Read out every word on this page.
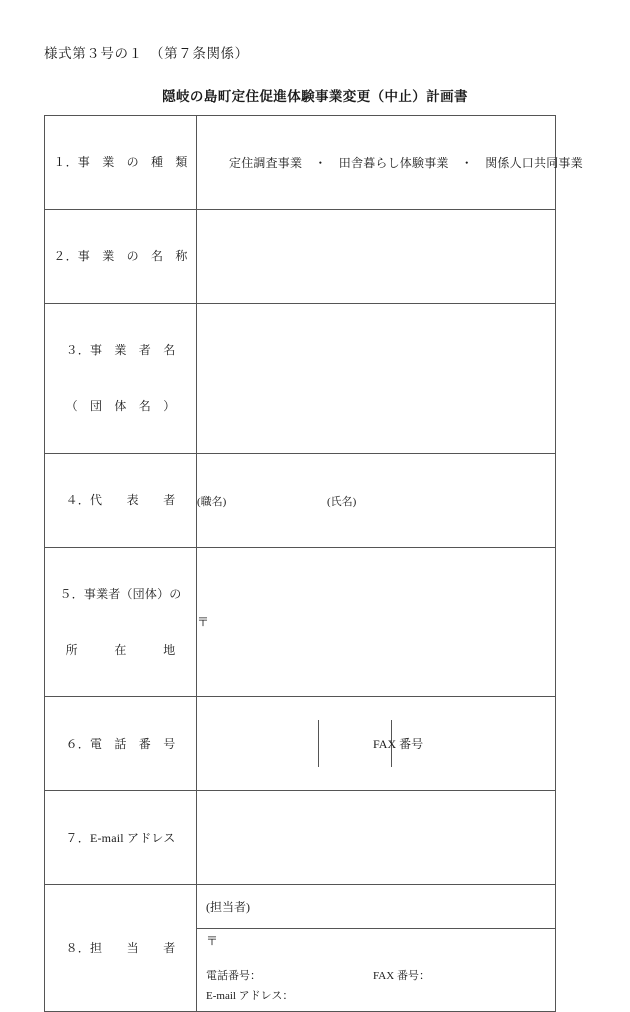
様式第３号の１　（第７条関係）
隠岐の島町定住促進体験事業変更（中止）計画書

１．事　業　の　種　類	定住調査事業　・　田舎暮らし体験事業　・　関係人口共同事業

２．事　業　の　名　称

３．事　業　者　名

（　団　体　名　）

４．代　　表　　者	(職名)	(氏名)

５．事業者（団体）の

所　　　在　　　地

	〒

６．電　話　番　号

		FAX 番号

７．E-mail アドレス

８．担　　当　　者

(担当者)
〒
電話番号：	FAX 番号：
E-mail アドレス：
